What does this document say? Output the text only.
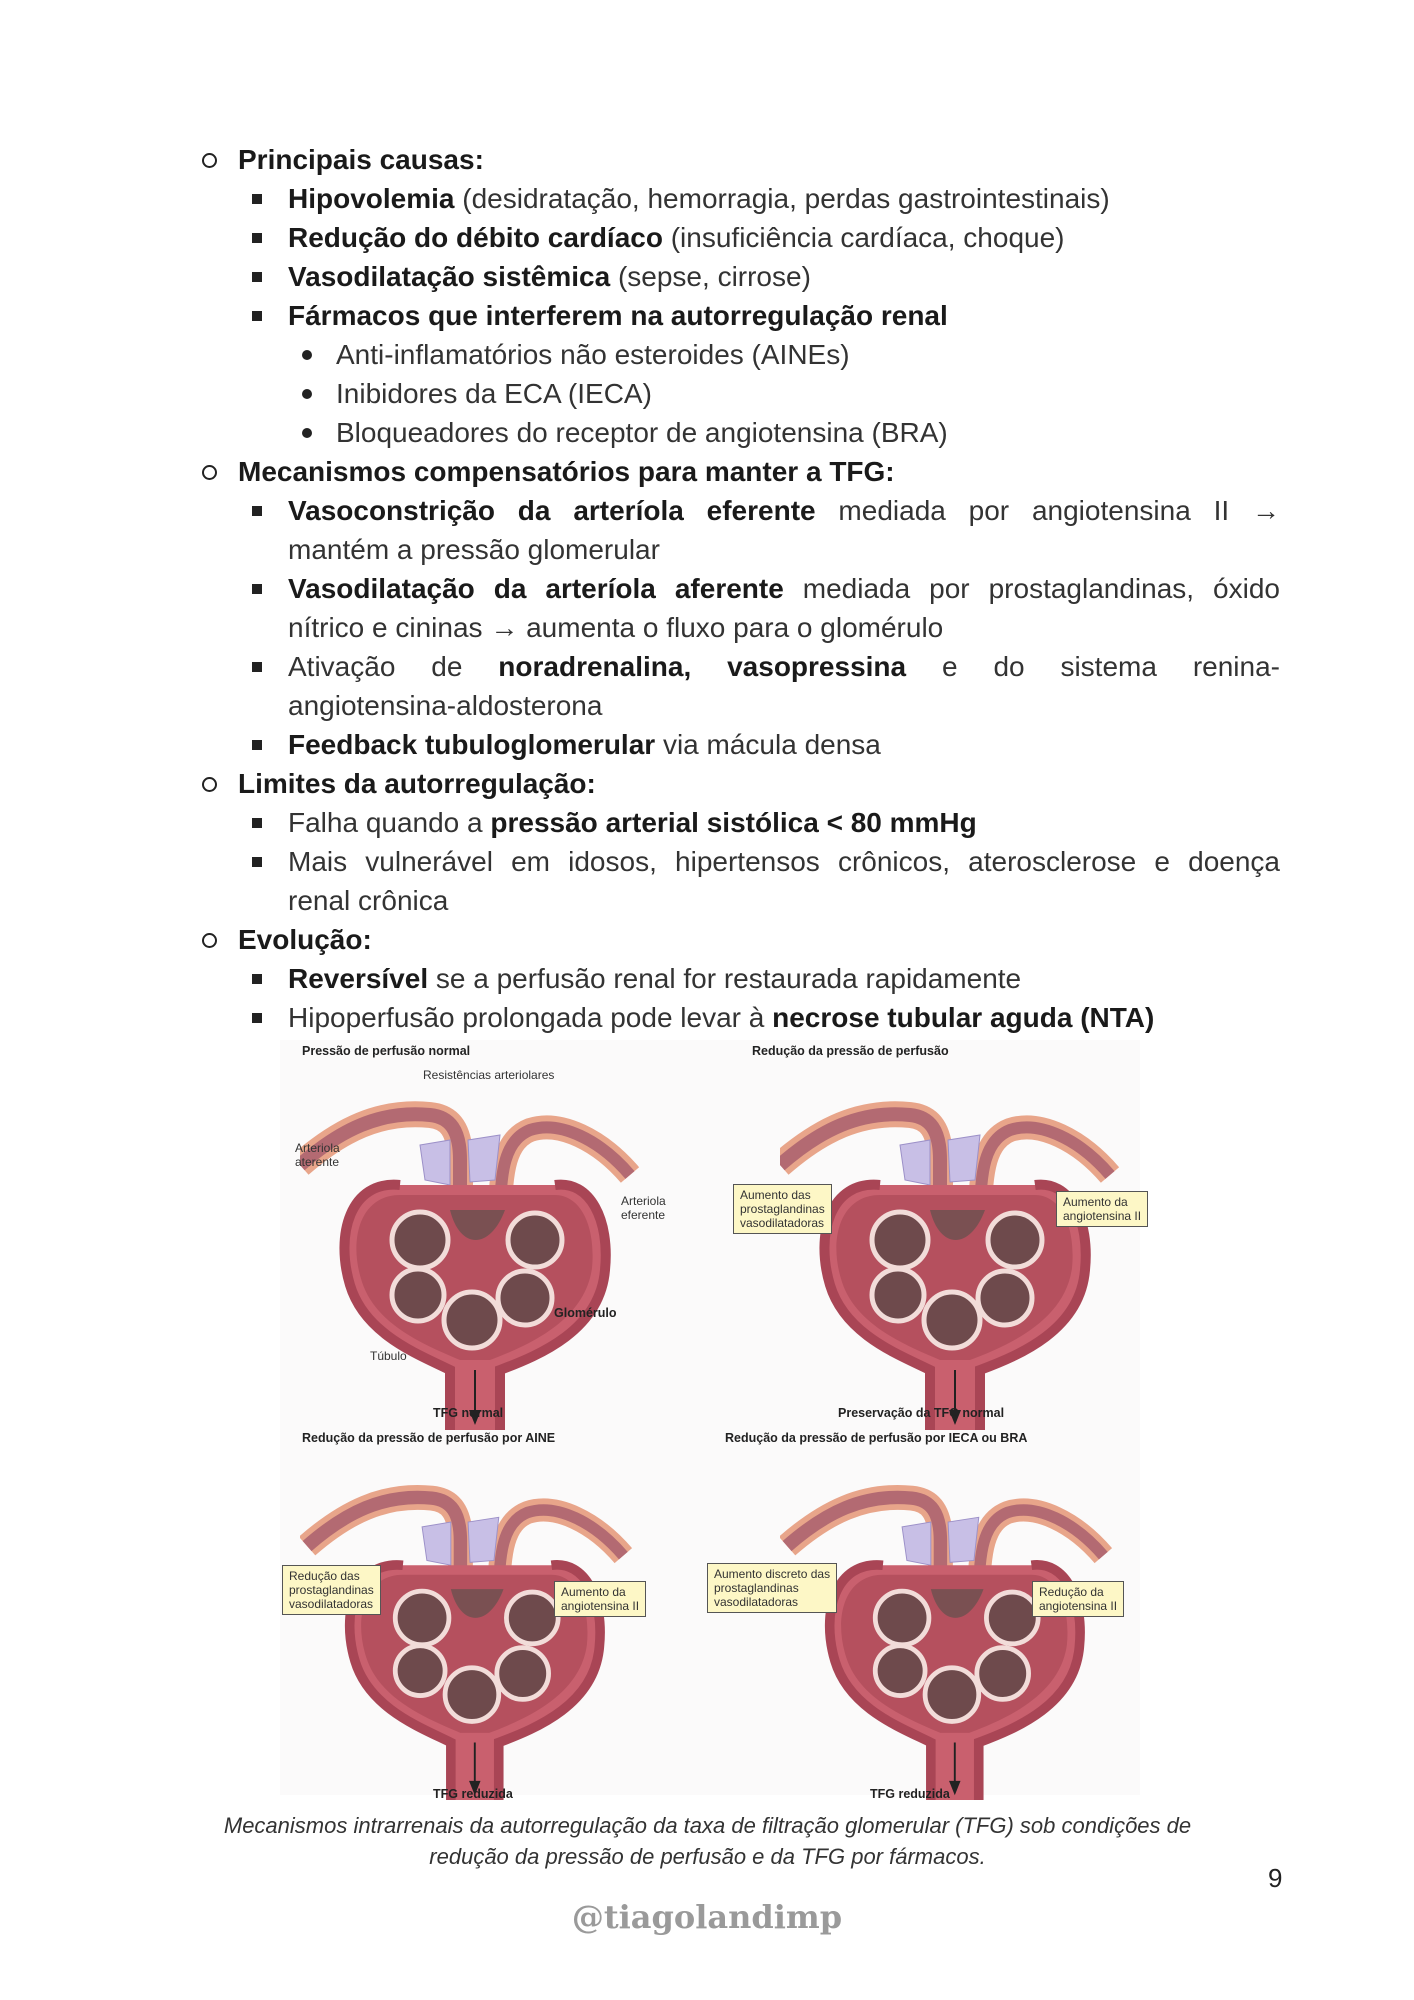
Principais causas:
Hipovolemia (desidratação, hemorragia, perdas gastrointestinais)
Redução do débito cardíaco (insuficiência cardíaca, choque)
Vasodilatação sistêmica (sepse, cirrose)
Fármacos que interferem na autorregulação renal
Anti-inflamatórios não esteroides (AINEs)
Inibidores da ECA (IECA)
Bloqueadores do receptor de angiotensina (BRA)
Mecanismos compensatórios para manter a TFG:
Vasoconstrição da arteríola eferente mediada por angiotensina II →
mantém a pressão glomerular
Vasodilatação da arteríola aferente mediada por prostaglandinas, óxido
nítrico e cininas → aumenta o fluxo para o glomérulo
Ativação de noradrenalina, vasopressina e do sistema renina-
angiotensina-aldosterona
Feedback tubuloglomerular via mácula densa
Limites da autorregulação:
Falha quando a pressão arterial sistólica < 80 mmHg
Mais vulnerável em idosos, hipertensos crônicos, aterosclerose e doença
renal crônica
Evolução:
Reversível se a perfusão renal for restaurada rapidamente
Hipoperfusão prolongada pode levar à necrose tubular aguda (NTA)
Pressão de perfusão normal
Resistências arteriolares
Arteriola
aterente
Arteriola
eferente
Glomérulo
Túbulo
TFG normal
Redução da pressão de perfusão
Aumento das
prostaglandinas
vasodilatadoras
Aumento da
angiotensina II
Preservação da TFG normal
Redução da pressão de perfusão por AINE
Redução das
prostaglandinas
vasodilatadoras
Aumento da
angiotensina II
TFG reduzida
Redução da pressão de perfusão por IECA ou BRA
Aumento discreto das
prostaglandinas
vasodilatadoras
Redução da
angiotensina II
TFG reduzida
Mecanismos intrarrenais da autorregulação da taxa de filtração glomerular (TFG) sob condições de
redução da pressão de perfusão e da TFG por fármacos.
9
@tiagolandimp
